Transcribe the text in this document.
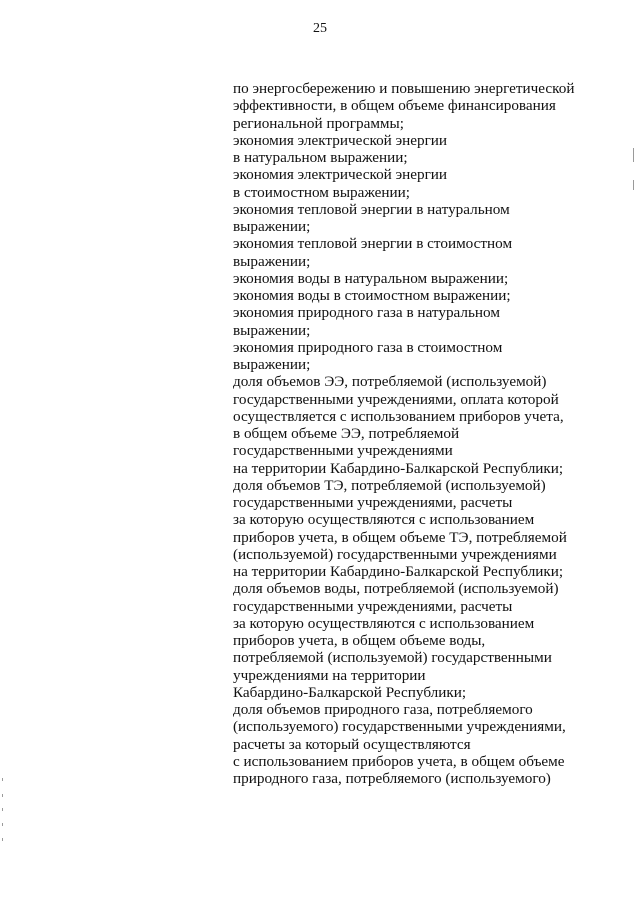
25
по энергосбережению и повышению энергетической
эффективности, в общем объеме финансирования
региональной программы;
экономия электрической энергии
в натуральном выражении;
экономия электрической энергии
в стоимостном выражении;
экономия тепловой энергии в натуральном
выражении;
экономия тепловой энергии в стоимостном
выражении;
экономия воды в натуральном выражении;
экономия воды в стоимостном выражении;
экономия природного газа в натуральном
выражении;
экономия природного газа в стоимостном
выражении;
доля объемов ЭЭ, потребляемой (используемой)
государственными учреждениями, оплата которой
осуществляется с использованием приборов учета,
в общем объеме ЭЭ, потребляемой
государственными учреждениями
на территории Кабардино-Балкарской Республики;
доля объемов ТЭ, потребляемой (используемой)
государственными учреждениями, расчеты
за которую осуществляются с использованием
приборов учета, в общем объеме ТЭ, потребляемой
(используемой) государственными учреждениями
на территории Кабардино-Балкарской Республики;
доля объемов воды, потребляемой (используемой)
государственными учреждениями, расчеты
за которую осуществляются с использованием
приборов учета, в общем объеме воды,
потребляемой (используемой) государственными
учреждениями на территории
Кабардино-Балкарской Республики;
доля объемов природного газа, потребляемого
(используемого) государственными учреждениями,
расчеты за который осуществляются
с использованием приборов учета, в общем объеме
природного газа, потребляемого (используемого)
